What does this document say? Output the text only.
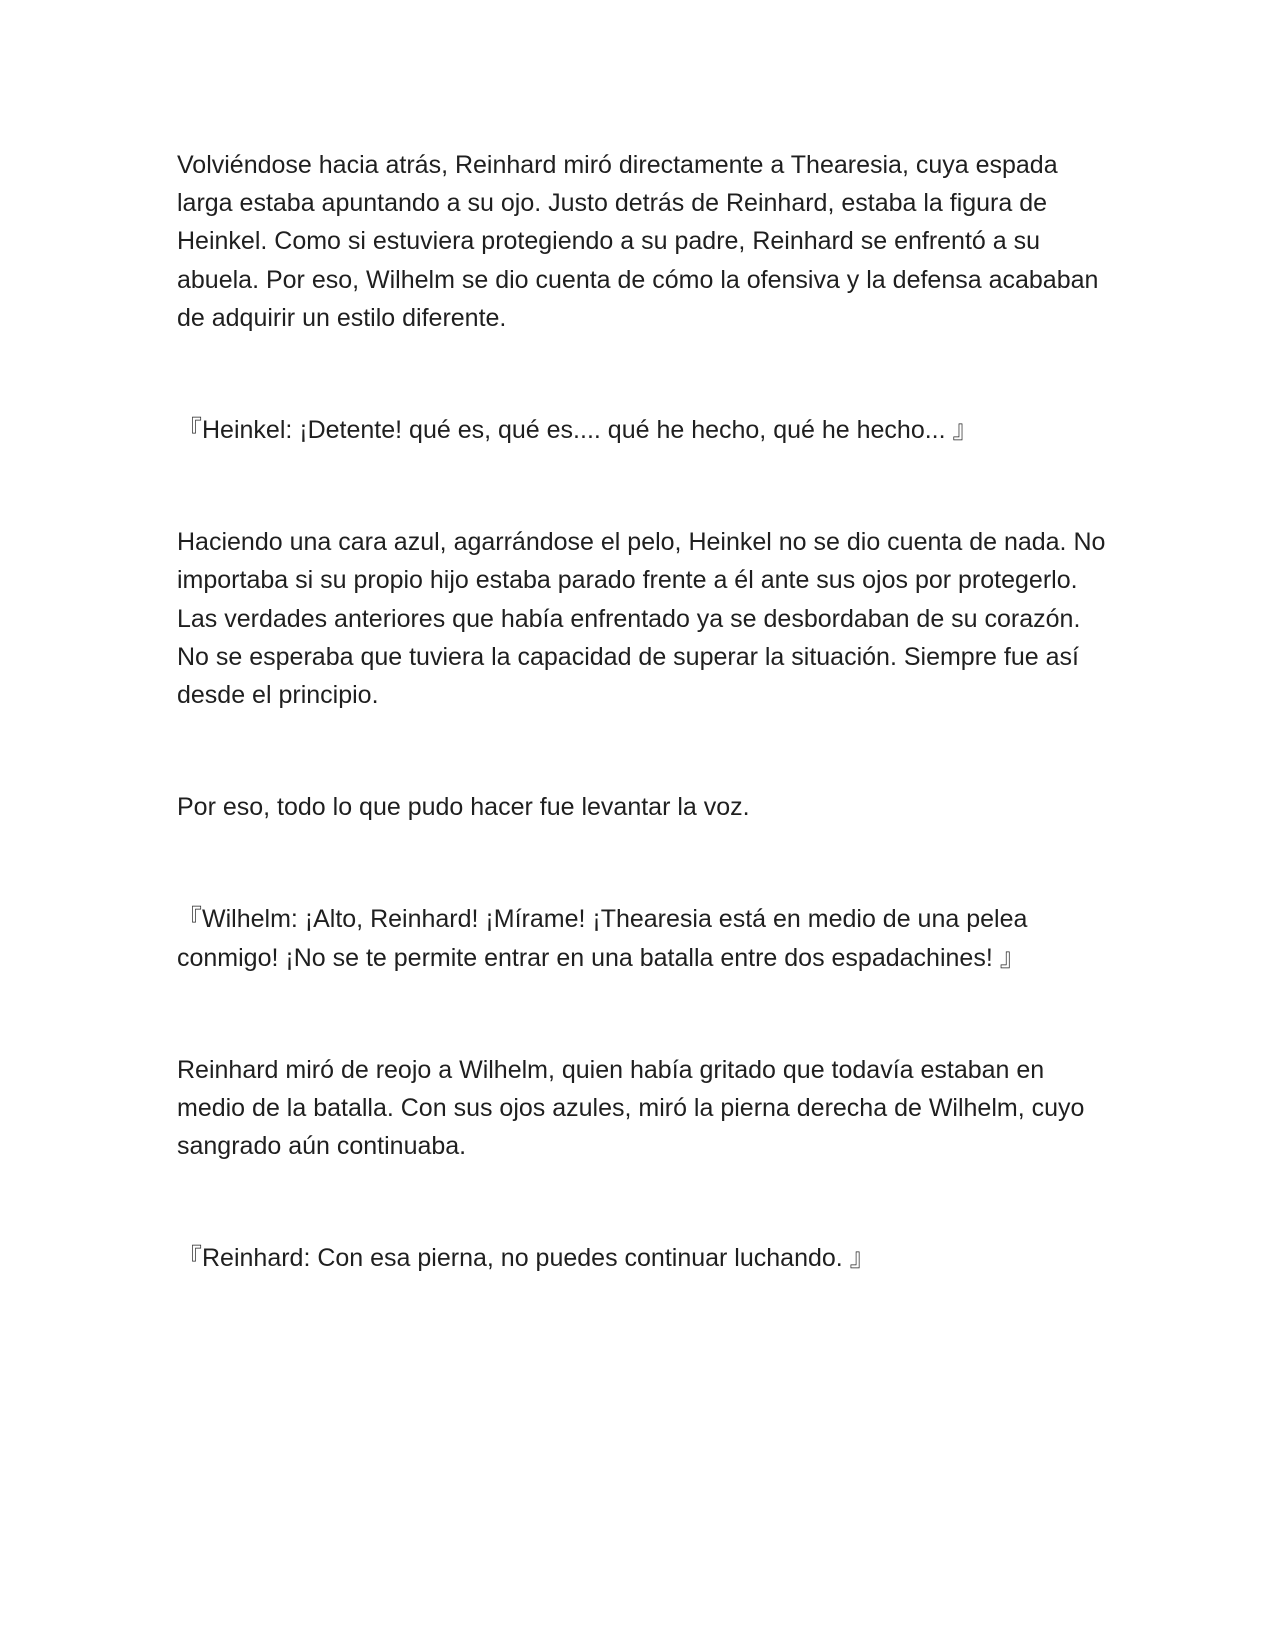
Volviéndose hacia atrás, Reinhard miró directamente a Thearesia, cuya espada larga estaba apuntando a su ojo. Justo detrás de Reinhard, estaba la figura de Heinkel. Como si estuviera protegiendo a su padre, Reinhard se enfrentó a su abuela. Por eso, Wilhelm se dio cuenta de cómo la ofensiva y la defensa acababan de adquirir un estilo diferente.

『Heinkel: ¡Detente! qué es, qué es.... qué he hecho, qué he hecho... 』

Haciendo una cara azul, agarrándose el pelo, Heinkel no se dio cuenta de nada. No importaba si su propio hijo estaba parado frente a él ante sus ojos por protegerlo. Las verdades anteriores que había enfrentado ya se desbordaban de su corazón. No se esperaba que tuviera la capacidad de superar la situación. Siempre fue así desde el principio.

Por eso, todo lo que pudo hacer fue levantar la voz.

『Wilhelm: ¡Alto, Reinhard! ¡Mírame! ¡Thearesia está en medio de una pelea conmigo! ¡No se te permite entrar en una batalla entre dos espadachines! 』

Reinhard miró de reojo a Wilhelm, quien había gritado que todavía estaban en medio de la batalla. Con sus ojos azules, miró la pierna derecha de Wilhelm, cuyo sangrado aún continuaba.

『Reinhard: Con esa pierna, no puedes continuar luchando. 』
